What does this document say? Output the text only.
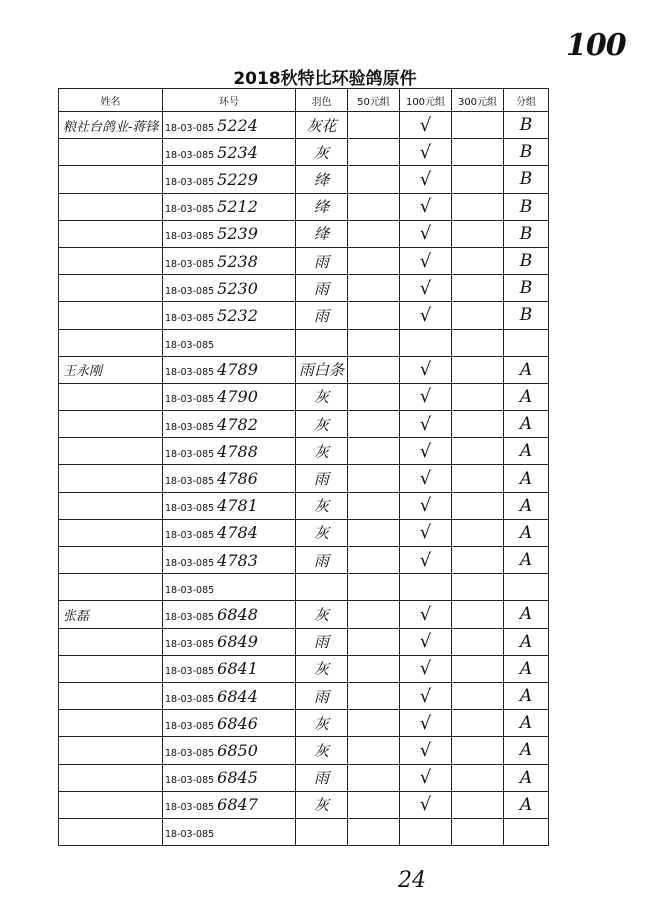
100
2018秋特比环验鸽原件
姓名	环号	羽色	50元组	100元组	300元组	分组
粮社台鸽业-蒋锋	18-03-085 5224	灰花		√		B
	18-03-085 5234	灰		√		B
	18-03-085 5229	绛		√		B
	18-03-085 5212	绛		√		B
	18-03-085 5239	绛		√		B
	18-03-085 5238	雨		√		B
	18-03-085 5230	雨		√		B
	18-03-085 5232	雨		√		B
	18-03-085					
王永刚	18-03-085 4789	雨白条		√		A
	18-03-085 4790	灰		√		A
	18-03-085 4782	灰		√		A
	18-03-085 4788	灰		√		A
	18-03-085 4786	雨		√		A
	18-03-085 4781	灰		√		A
	18-03-085 4784	灰		√		A
	18-03-085 4783	雨		√		A
	18-03-085					
张磊	18-03-085 6848	灰		√		A
	18-03-085 6849	雨		√		A
	18-03-085 6841	灰		√		A
	18-03-085 6844	雨		√		A
	18-03-085 6846	灰		√		A
	18-03-085 6850	灰		√		A
	18-03-085 6845	雨		√		A
	18-03-085 6847	灰		√		A
	18-03-085					
24
